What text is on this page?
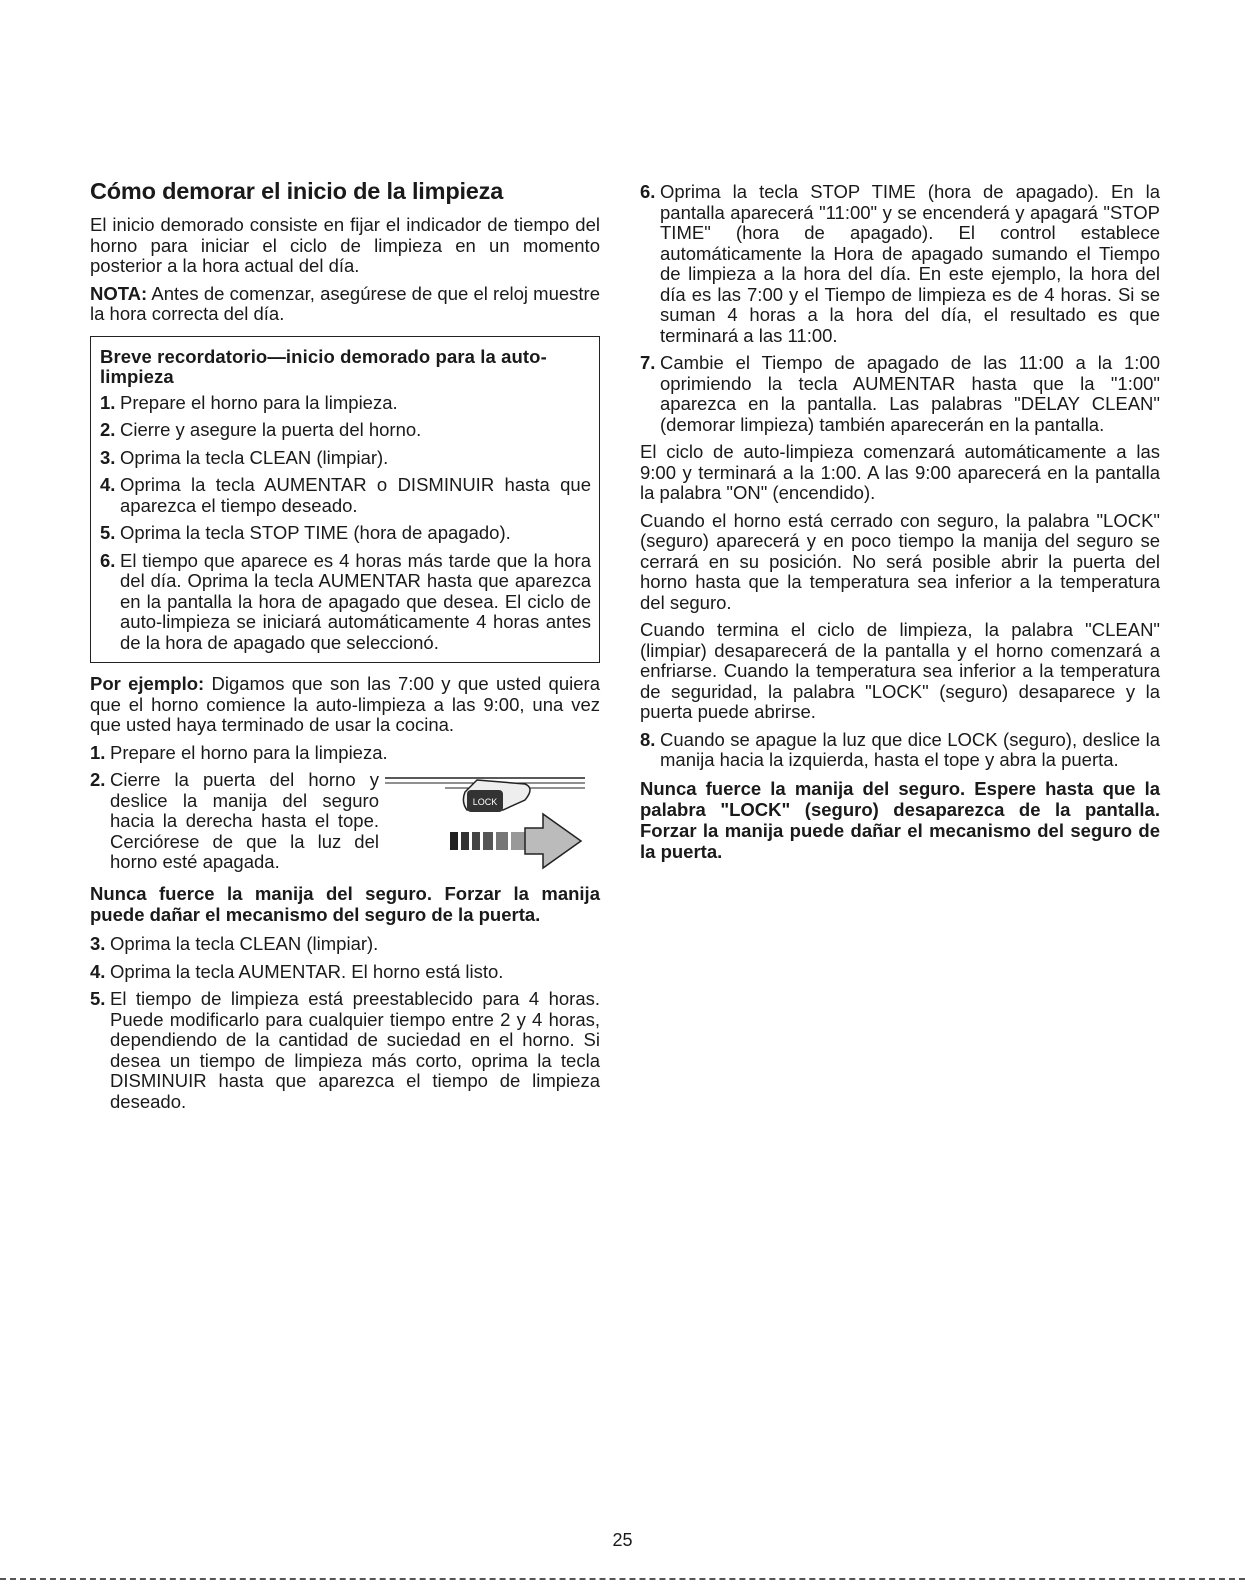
Cómo demorar el inicio de la limpieza

El inicio demorado consiste en fijar el indicador de tiempo del horno para iniciar el ciclo de limpieza en un momento posterior a la hora actual del día.

NOTA: Antes de comenzar, asegúrese de que el reloj muestre la hora correcta del día.

Breve recordatorio—inicio demorado para la auto-limpieza
1. Prepare el horno para la limpieza.
2. Cierre y asegure la puerta del horno.
3. Oprima la tecla CLEAN (limpiar).
4. Oprima la tecla AUMENTAR o DISMINUIR hasta que aparezca el tiempo deseado.
5. Oprima la tecla STOP TIME (hora de apagado).
6. El tiempo que aparece es 4 horas más tarde que la hora del día. Oprima la tecla AUMENTAR hasta que aparezca en la pantalla la hora de apagado que desea. El ciclo de auto-limpieza se iniciará automáticamente 4 horas antes de la hora de apagado que seleccionó.

Por ejemplo: Digamos que son las 7:00 y que usted quiera que el horno comience la auto-limpieza a las 9:00, una vez que usted haya terminado de usar la cocina.

1. Prepare el horno para la limpieza.
2. Cierre la puerta del horno y deslice la manija del seguro hacia la derecha hasta el tope. Cerciórese de que la luz del horno esté apagada.
LOCK

Nunca fuerce la manija del seguro. Forzar la manija puede dañar el mecanismo del seguro de la puerta.

3. Oprima la tecla CLEAN (limpiar).
4. Oprima la tecla AUMENTAR. El horno está listo.
5. El tiempo de limpieza está preestablecido para 4 horas. Puede modificarlo para cualquier tiempo entre 2 y 4 horas, dependiendo de la cantidad de suciedad en el horno. Si desea un tiempo de limpieza más corto, oprima la tecla DISMINUIR hasta que aparezca el tiempo de limpieza deseado.
6. Oprima la tecla STOP TIME (hora de apagado). En la pantalla aparecerá "11:00" y se encenderá y apagará "STOP TIME" (hora de apagado). El control establece automáticamente la Hora de apagado sumando el Tiempo de limpieza a la hora del día. En este ejemplo, la hora del día es las 7:00 y el Tiempo de limpieza es de 4 horas. Si se suman 4 horas a la hora del día, el resultado es que terminará a las 11:00.
7. Cambie el Tiempo de apagado de las 11:00 a la 1:00 oprimiendo la tecla AUMENTAR hasta que la "1:00" aparezca en la pantalla. Las palabras "DELAY CLEAN" (demorar limpieza) también aparecerán en la pantalla.

El ciclo de auto-limpieza comenzará automáticamente a las 9:00 y terminará a la 1:00. A las 9:00 aparecerá en la pantalla la palabra "ON" (encendido).

Cuando el horno está cerrado con seguro, la palabra "LOCK" (seguro) aparecerá y en poco tiempo la manija del seguro se cerrará en su posición. No será posible abrir la puerta del horno hasta que la temperatura sea inferior a la temperatura del seguro.

Cuando termina el ciclo de limpieza, la palabra "CLEAN" (limpiar) desaparecerá de la pantalla y el horno comenzará a enfriarse. Cuando la temperatura sea inferior a la temperatura de seguridad, la palabra "LOCK" (seguro) desaparece y la puerta puede abrirse.

8. Cuando se apague la luz que dice LOCK (seguro), deslice la manija hacia la izquierda, hasta el tope y abra la puerta.

Nunca fuerce la manija del seguro. Espere hasta que la palabra "LOCK" (seguro) desaparezca de la pantalla. Forzar la manija puede dañar el mecanismo del seguro de la puerta.

25
